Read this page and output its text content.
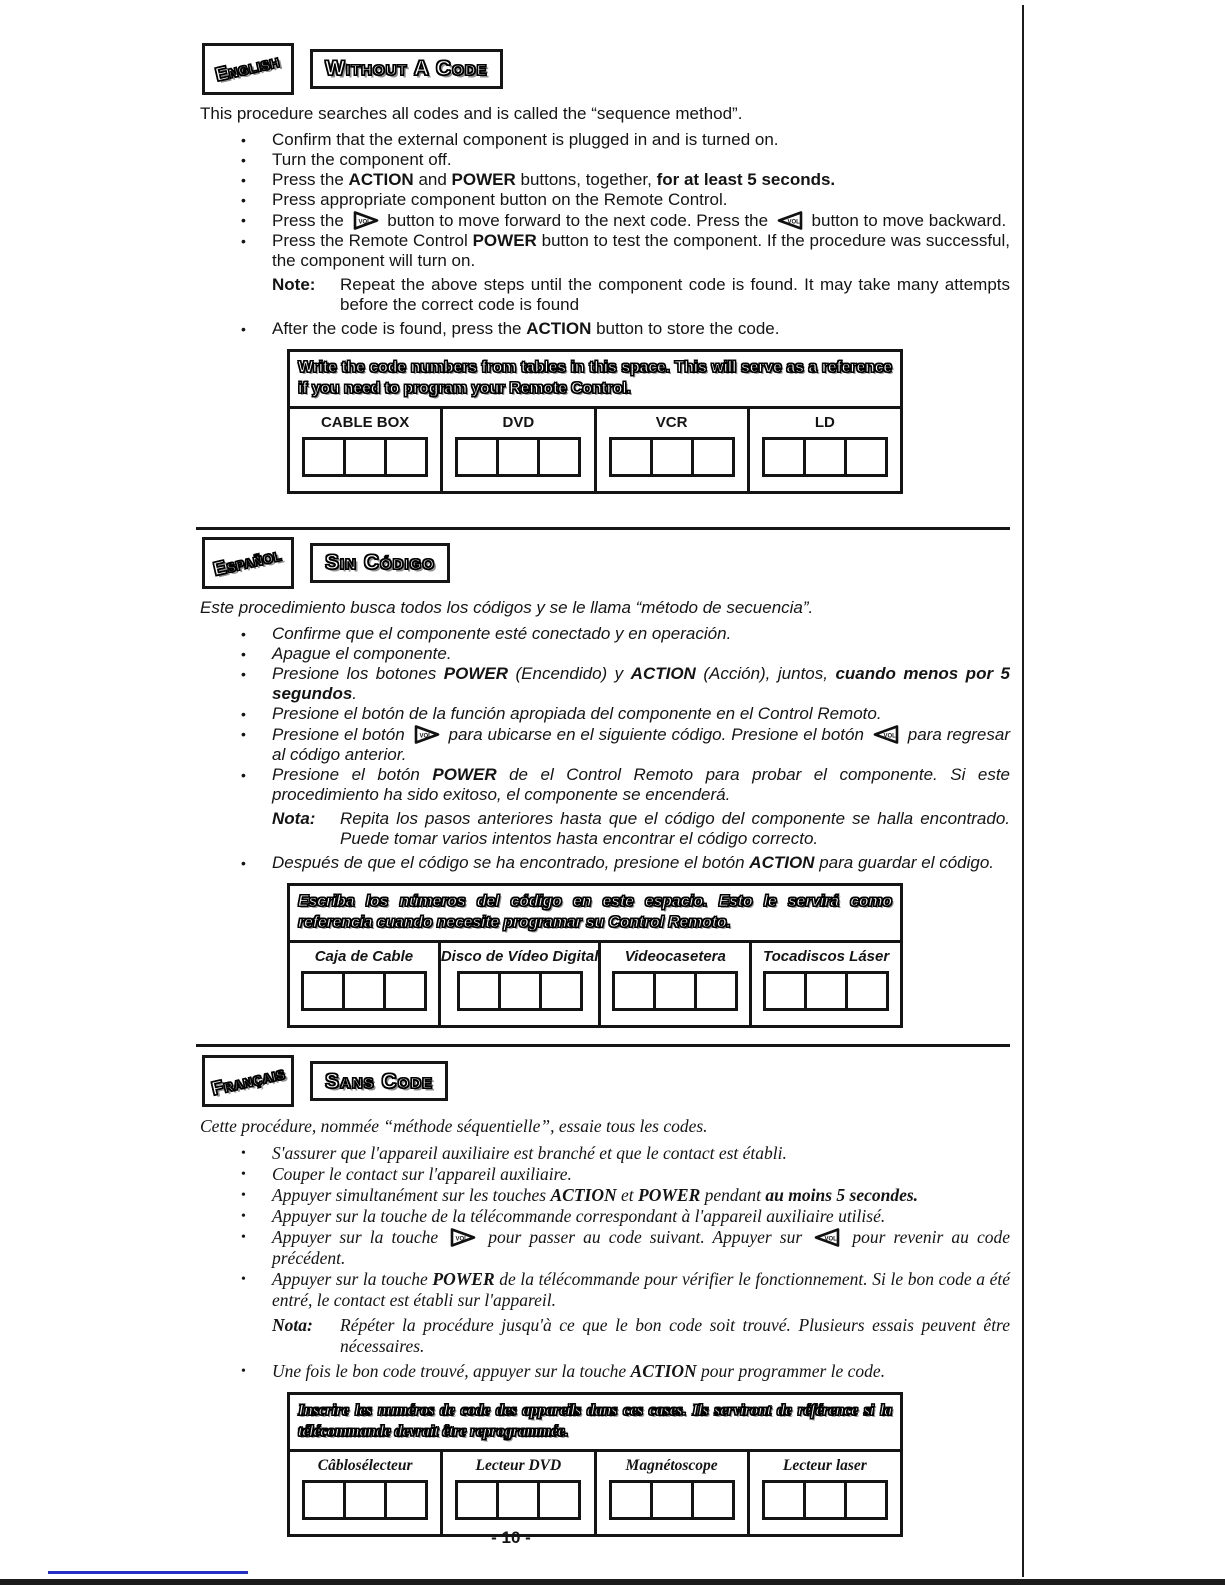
English Without A Code

This procedure searches all codes and is called the “sequence method”.

•	Confirm that the external component is plugged in and is turned on.
•	Turn the component off.
•	Press the ACTION and POWER buttons, together, for at least 5 seconds.
•	Press appropriate component button on the Remote Control.
•	Press the VOL button to move forward to the next code. Press the VOL button to move backward.
•	Press the Remote Control POWER button to test the component. If the procedure was successful, the component will turn on.
Note:	Repeat the above steps until the component code is found. It may take many attempts before the correct code is found
•	After the code is found, press the ACTION button to store the code.
Write the code numbers from tables in this space. This will serve as a reference if you need to program your Remote Control.
CABLE BOX	DVD	VCR	LD
Español Sin Código

Este procedimiento busca todos los códigos y se le llama “método de secuencia”.

•	Confirme que el componente esté conectado y en operación.
•	Apague el componente.
•	Presione los botones POWER (Encendido) y ACTION (Acción), juntos, cuando menos por 5 segundos.
•	Presione el botón de la función apropiada del componente en el Control Remoto.
•	Presione el botón VOL para ubicarse en el siguiente código. Presione el botón VOL para regresar al código anterior.
•	Presione el botón POWER de el Control Remoto para probar el componente. Si este procedimiento ha sido exitoso, el componente se encenderá.
Nota:	Repita los pasos anteriores hasta que el código del componente se halla encontrado. Puede tomar varios intentos hasta encontrar el código correcto.
•	Después de que el código se ha encontrado, presione el botón ACTION para guardar el código.
Escriba los números del código en este espacio. Esto le servirá como referencia cuando necesite programar su Control Remoto.
Caja de Cable	Disco de Vídeo Digital	Videocasetera	Tocadiscos Láser
Français Sans Code

Cette procédure, nommée “méthode séquentielle”, essaie tous les codes.

•	S'assurer que l'appareil auxiliaire est branché et que le contact est établi.
•	Couper le contact sur l'appareil auxiliaire.
•	Appuyer simultanément sur les touches ACTION et POWER pendant au moins 5 secondes.
•	Appuyer sur la touche de la télécommande correspondant à l'appareil auxiliaire utilisé.
•	Appuyer sur la touche VOL pour passer au code suivant. Appuyer sur VOL pour revenir au code précédent.
•	Appuyer sur la touche POWER de la télécommande pour vérifier le fonctionnement. Si le bon code a été entré, le contact est établi sur l'appareil.
Nota:	Répéter la procédure jusqu'à ce que le bon code soit trouvé. Plusieurs essais peuvent être nécessaires.
•	Une fois le bon code trouvé, appuyer sur la touche ACTION pour programmer le code.
Inscrire les numéros de code des appareils dans ces cases. Ils serviront de référence si la télécommande devrait être reprogrammée.
Câblosélecteur	Lecteur DVD	Magnétoscope	Lecteur laser
- 10 -
